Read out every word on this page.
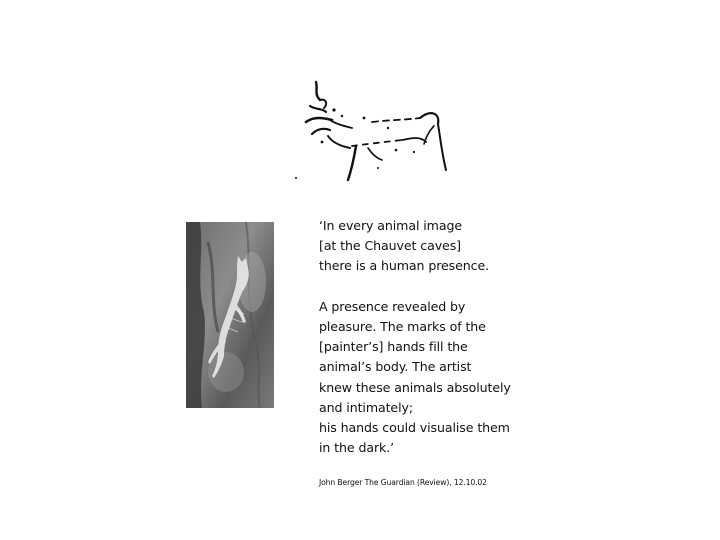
‘In every animal image
[at the Chauvet caves]
there is a human presence.
A presence revealed by
pleasure. The marks of the
[painter’s] hands fill the
animal’s body. The artist
knew these animals absolutely
and intimately;
his hands could visualise them
in the dark.’
John Berger The Guardian (Review), 12.10.02
